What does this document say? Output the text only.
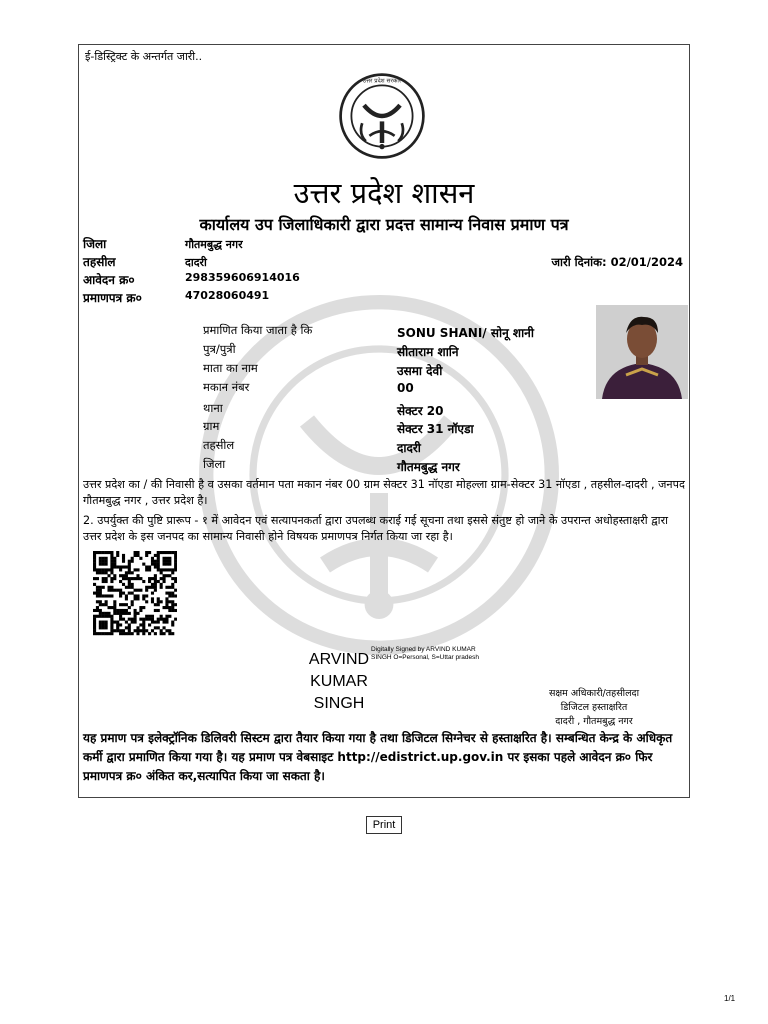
ई-डिस्ट्रिक्ट के अन्तर्गत जारी..
उत्तर प्रदेश सरकार
उत्तर प्रदेश शासन
कार्यालय उप जिलाधिकारी द्वारा प्रदत्त सामान्य निवास प्रमाण पत्र
जिला	गौतमबुद्ध नगर
तहसील	दादरी
आवेदन क्र०	298359606914016
प्रमाणपत्र क्र०	47028060491
जारी दिनांक: 02/01/2024
प्रमाणित किया जाता है कि	SONU SHANI/ सोनू शानी
पुत्र/पुत्री	सीताराम शानि
माता का नाम	उसमा देवी
मकान नंबर	00
थाना	सेक्टर 20
ग्राम	सेक्टर 31 नॉएडा
तहसील	दादरी
जिला	गौतमबुद्ध नगर
उत्तर प्रदेश का / की निवासी है व उसका वर्तमान पता मकान नंबर 00 ग्राम सेक्टर 31 नॉएडा मोहल्ला ग्राम-सेक्टर 31 नॉएडा , तहसील-दादरी , जनपद गौतमबुद्ध नगर , उत्तर प्रदेश है।
2. उपर्युक्त की पुष्टि प्रारूप - १ में आवेदन एवं सत्यापनकर्ता द्वारा उपलब्ध कराई गई सूचना तथा इससे संतुष्ट हो जाने के उपरान्त अधोहस्ताक्षरी द्वारा उत्तर प्रदेश के इस जनपद का सामान्य निवासी होने विषयक प्रमाणपत्र निर्गत किया जा रहा है।
ARVIND KUMAR SINGH
Digitally Signed by ARVIND KUMAR
SINGH O=Personal, S=Uttar pradesh
सक्षम अधिकारी/तहसीलदा
डिजिटल हस्ताक्षरित
दादरी , गौतमबुद्ध नगर
यह प्रमाण पत्र इलेक्ट्रॉनिक डिलिवरी सिस्टम द्वारा तैयार किया गया है तथा डिजिटल सिग्नेचर से हस्ताक्षरित है। सम्बन्धित केन्द्र के अधिकृत कर्मी द्वारा प्रमाणित किया गया है। यह प्रमाण पत्र वेबसाइट http://edistrict.up.gov.in पर इसका पहले आवेदन क्र० फिर प्रमाणपत्र क्र० अंकित कर,सत्यापित किया जा सकता है।
Print
1/1
